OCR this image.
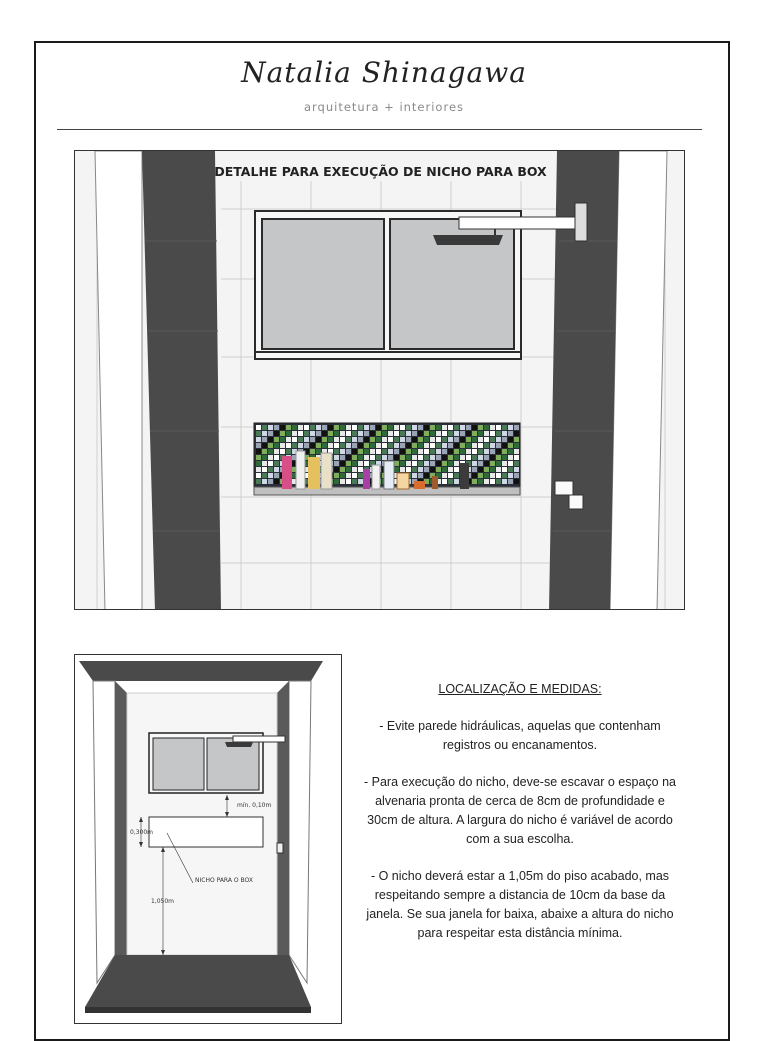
Natalia Shinagawa
arquitetura + interiores
DETALHE PARA EXECUÇÃO DE NICHO PARA BOX
mín. 0,10m
0,300m
1,050m
NICHO PARA O BOX
LOCALIZAÇÃO E MEDIDAS:

- Evite parede hidráulicas, aquelas que contenham registros ou encanamentos.

- Para execução do nicho, deve-se escavar o espaço na alvenaria pronta de cerca de 8cm de profundidade e 30cm de altura. A largura do nicho é variável de acordo com a sua escolha.

- O nicho deverá estar a 1,05m do piso acabado, mas respeitando sempre a distancia de 10cm da base da janela. Se sua janela for baixa, abaixe a altura do nicho para respeitar esta distância mínima.
